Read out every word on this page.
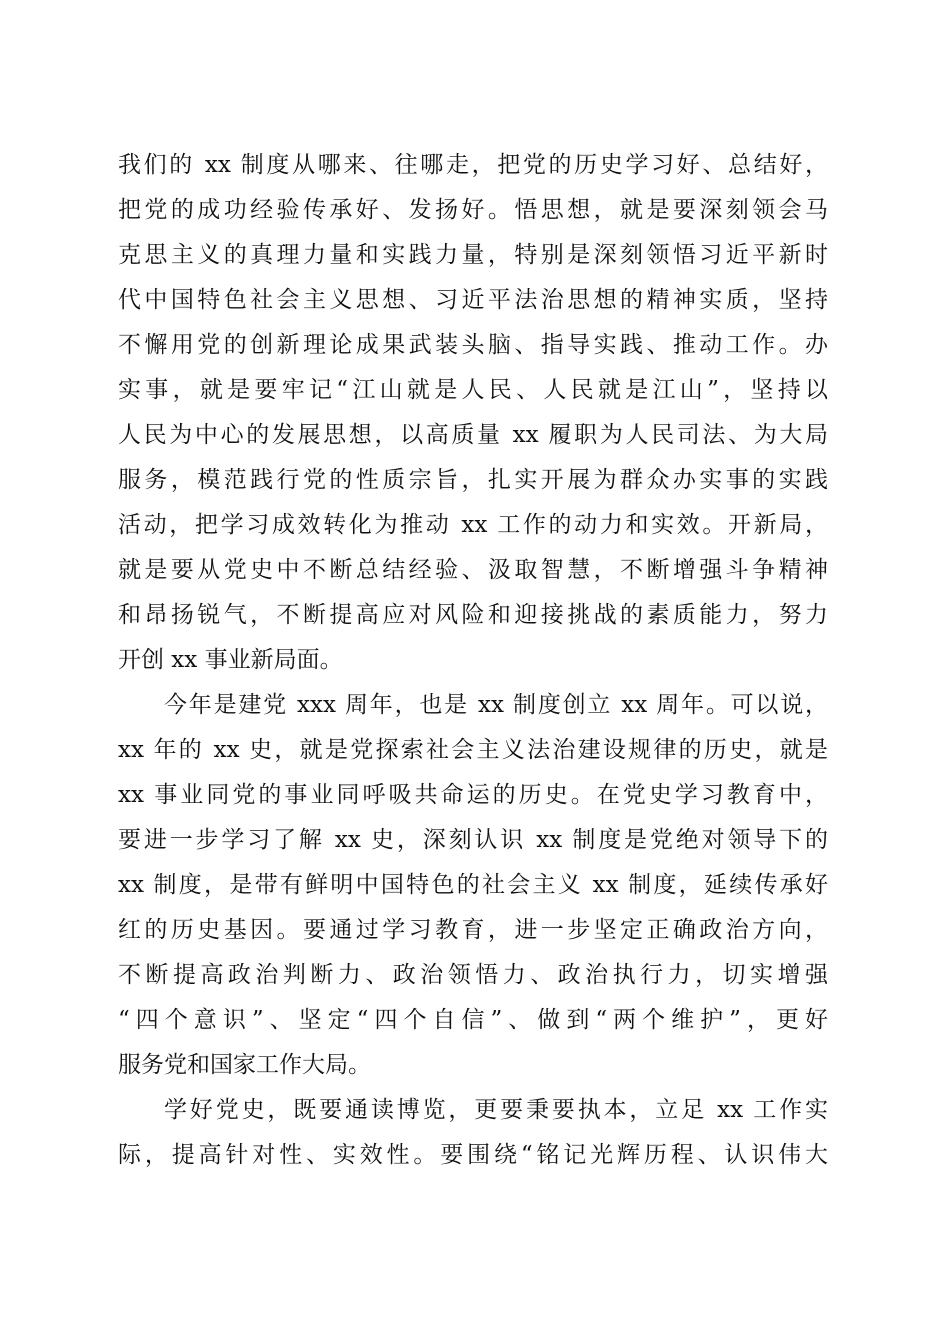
我们的 xx 制度从哪来、往哪走，把党的历史学习好、总结好，
把党的成功经验传承好、发扬好。悟思想，就是要深刻领会马
克思主义的真理力量和实践力量，特别是深刻领悟习近平新时
代中国特色社会主义思想、习近平法治思想的精神实质，坚持
不懈用党的创新理论成果武装头脑、指导实践、推动工作。办
实事，就是要牢记“江山就是人民、人民就是江山”，坚持以
人民为中心的发展思想，以高质量 xx 履职为人民司法、为大局
服务，模范践行党的性质宗旨，扎实开展为群众办实事的实践
活动，把学习成效转化为推动 xx 工作的动力和实效。开新局，
就是要从党史中不断总结经验、汲取智慧，不断增强斗争精神
和昂扬锐气，不断提高应对风险和迎接挑战的素质能力，努力
开创 xx 事业新局面。
今年是建党 xxx 周年，也是 xx 制度创立 xx 周年。可以说，
xx 年的 xx 史，就是党探索社会主义法治建设规律的历史，就是
xx 事业同党的事业同呼吸共命运的历史。在党史学习教育中，
要进一步学习了解 xx 史，深刻认识 xx 制度是党绝对领导下的
xx 制度，是带有鲜明中国特色的社会主义 xx 制度，延续传承好
红的历史基因。要通过学习教育，进一步坚定正确政治方向，
不断提高政治判断力、政治领悟力、政治执行力，切实增强
“四个意识”、坚定“四个自信”、做到“两个维护”，更好
服务党和国家工作大局。
学好党史，既要通读博览，更要秉要执本，立足 xx 工作实
际，提高针对性、实效性。要围绕“铭记光辉历程、认识伟大
